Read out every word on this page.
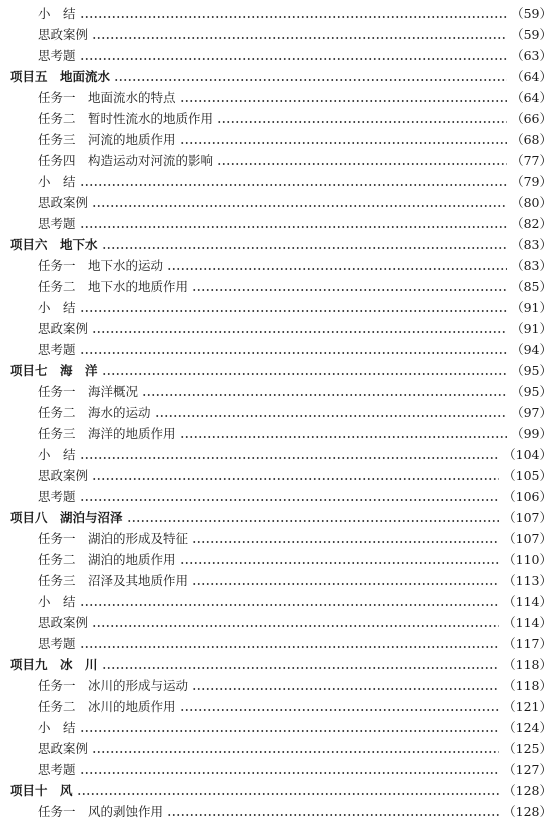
小　结	（59）
思政案例	（59）
思考题	（63）
项目五　地面流水	（64）
任务一　地面流水的特点	（64）
任务二　暂时性流水的地质作用	（66）
任务三　河流的地质作用	（68）
任务四　构造运动对河流的影响	（77）
小　结	（79）
思政案例	（80）
思考题	（82）
项目六　地下水	（83）
任务一　地下水的运动	（83）
任务二　地下水的地质作用	（85）
小　结	（91）
思政案例	（91）
思考题	（94）
项目七　海　洋	（95）
任务一　海洋概况	（95）
任务二　海水的运动	（97）
任务三　海洋的地质作用	（99）
小　结	（104）
思政案例	（105）
思考题	（106）
项目八　湖泊与沼泽	（107）
任务一　湖泊的形成及特征	（107）
任务二　湖泊的地质作用	（110）
任务三　沼泽及其地质作用	（113）
小　结	（114）
思政案例	（114）
思考题	（117）
项目九　冰　川	（118）
任务一　冰川的形成与运动	（118）
任务二　冰川的地质作用	（121）
小　结	（124）
思政案例	（125）
思考题	（127）
项目十　风	（128）
任务一　风的剥蚀作用	（128）
